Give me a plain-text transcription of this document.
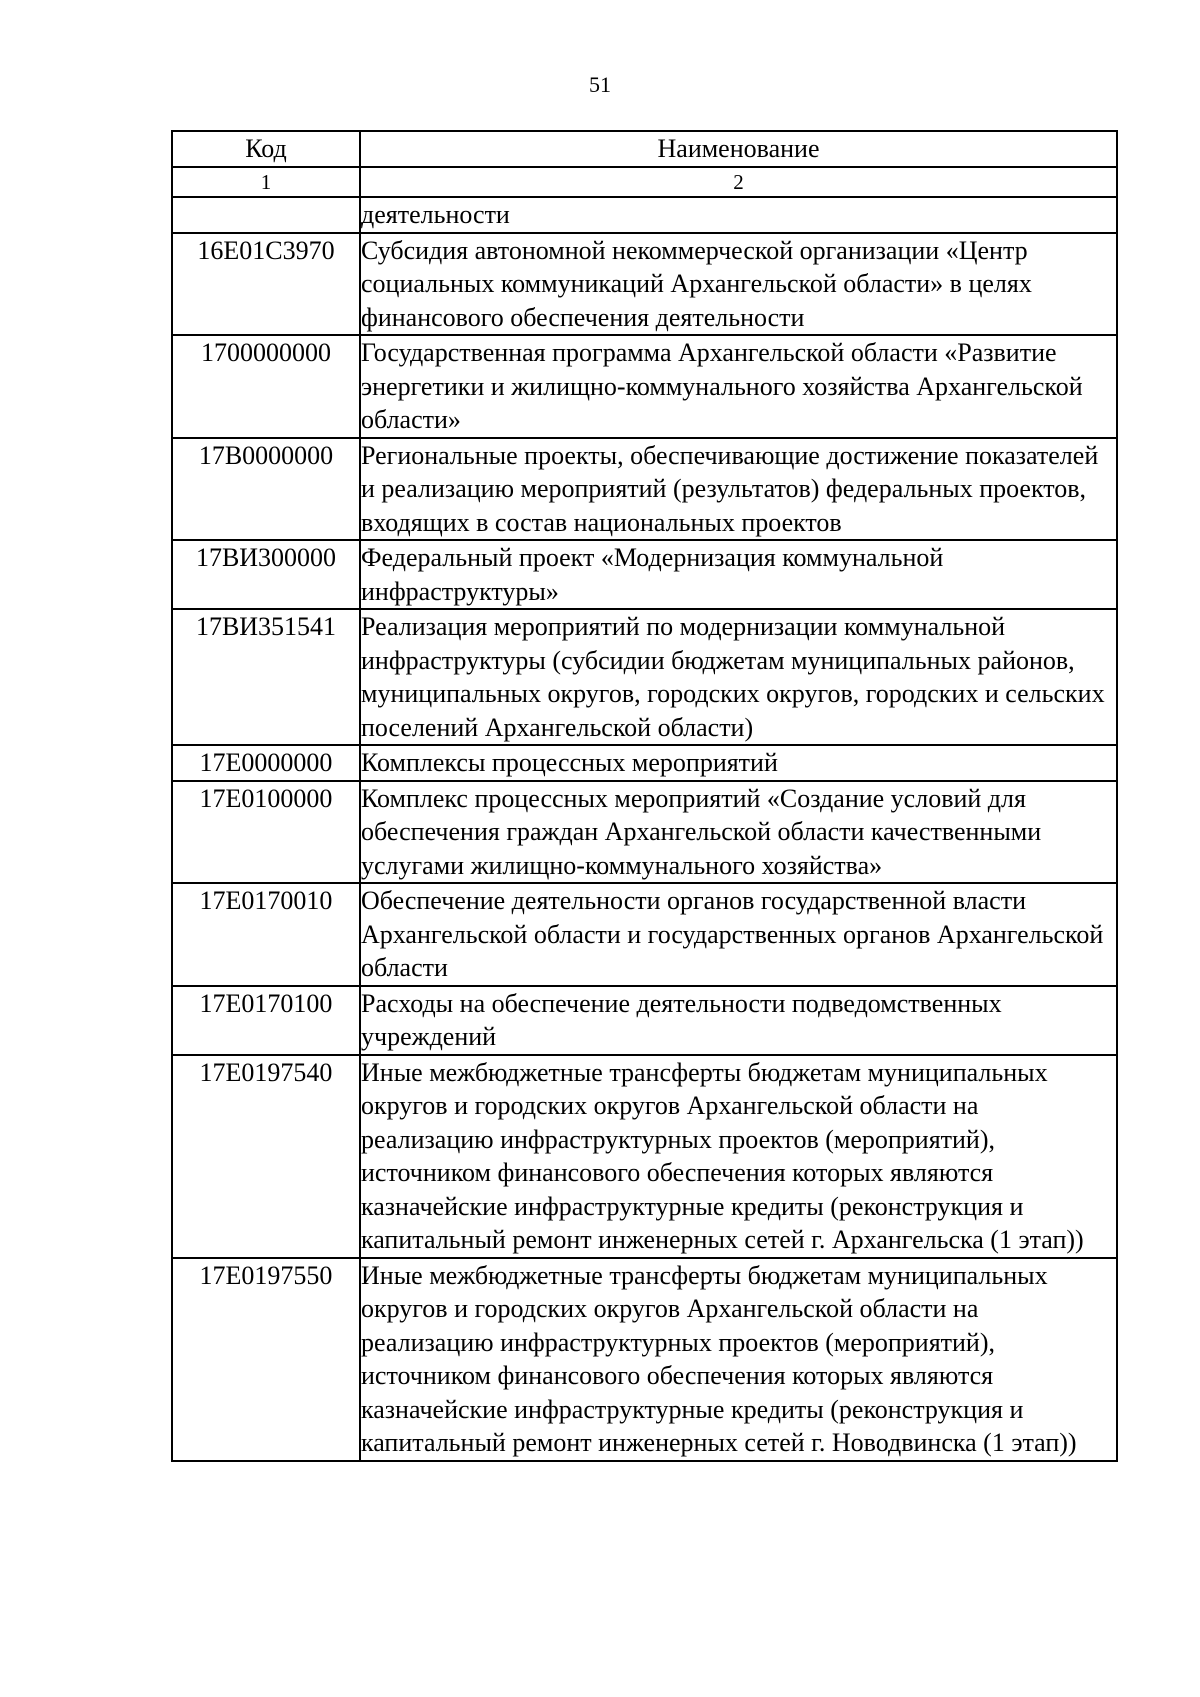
51
Код	Наименование
1	2
	деятельности
16Е01С3970	Субсидия автономной некоммерческой организации «Центр социальных коммуникаций Архангельской области» в целях финансового обеспечения деятельности
1700000000	Государственная программа Архангельской области «Развитие энергетики и жилищно-коммунального хозяйства Архангельской области»
17В0000000	Региональные проекты, обеспечивающие достижение показателей и реализацию мероприятий (результатов) федеральных проектов, входящих в состав национальных проектов
17ВИ300000	Федеральный проект «Модернизация коммунальной инфраструктуры»
17ВИ351541	Реализация мероприятий по модернизации коммунальной инфраструктуры (субсидии бюджетам муниципальных районов, муниципальных округов, городских округов, городских и сельских поселений Архангельской области)
17Е0000000	Комплексы процессных мероприятий
17Е0100000	Комплекс процессных мероприятий «Создание условий для обеспечения граждан Архангельской области качественными услугами жилищно-коммунального хозяйства»
17Е0170010	Обеспечение деятельности органов государственной власти Архангельской области и государственных органов Архангельской области
17Е0170100	Расходы на обеспечение деятельности подведомственных учреждений
17Е0197540	Иные межбюджетные трансферты бюджетам муниципальных округов и городских округов Архангельской области на реализацию инфраструктурных проектов (мероприятий), источником финансового обеспечения которых являются казначейские инфраструктурные кредиты (реконструкция и капитальный ремонт инженерных сетей г. Архангельска (1 этап))
17Е0197550	Иные межбюджетные трансферты бюджетам муниципальных округов и городских округов Архангельской области на реализацию инфраструктурных проектов (мероприятий), источником финансового обеспечения которых являются казначейские инфраструктурные кредиты (реконструкция и капитальный ремонт инженерных сетей г. Новодвинска (1 этап))
